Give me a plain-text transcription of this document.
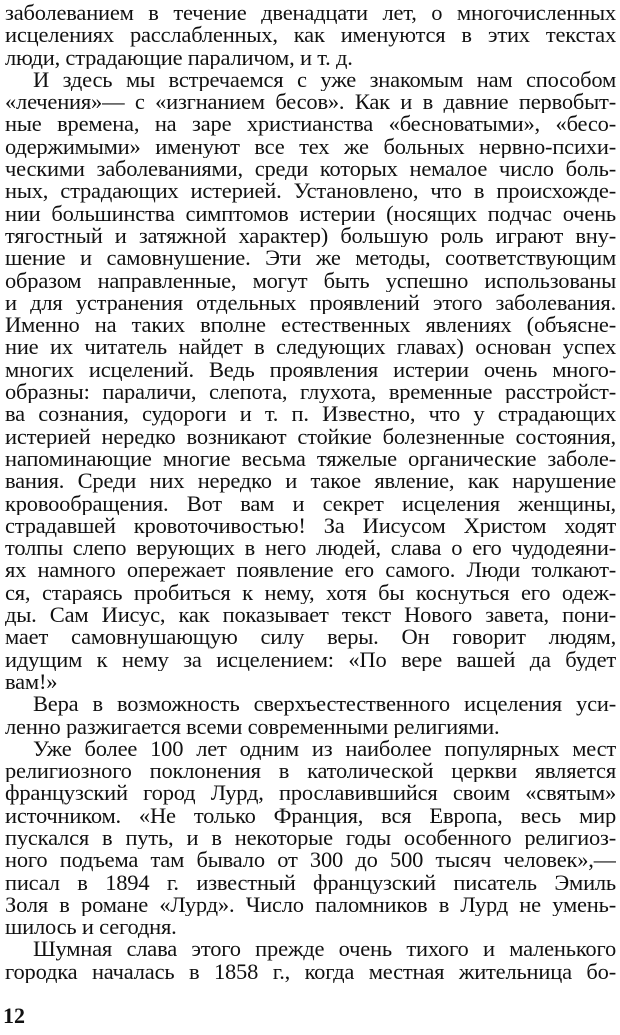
заболеванием в течение двенадцати лет, о многочисленных
исцелениях расслабленных, как именуются в этих текстах
люди, страдающие параличом, и т. д.
И здесь мы встречаемся с уже знакомым нам способом
«лечения»— с «изгнанием бесов». Как и в давние первобыт-
ные времена, на заре христианства «бесноватыми», «бесо-
одержимыми» именуют все тех же больных нервно-психи-
ческими заболеваниями, среди которых немалое число боль-
ных, страдающих истерией. Установлено, что в происхожде-
нии большинства симптомов истерии (носящих подчас очень
тягостный и затяжной характер) большую роль играют вну-
шение и самовнушение. Эти же методы, соответствующим
образом направленные, могут быть успешно использованы
и для устранения отдельных проявлений этого заболевания.
Именно на таких вполне естественных явлениях (объясне-
ние их читатель найдет в следующих главах) основан успех
многих исцелений. Ведь проявления истерии очень много-
образны: параличи, слепота, глухота, временные расстройст-
ва сознания, судороги и т. п. Известно, что у страдающих
истерией нередко возникают стойкие болезненные состояния,
напоминающие многие весьма тяжелые органические заболе-
вания. Среди них нередко и такое явление, как нарушение
кровообращения. Вот вам и секрет исцеления женщины,
страдавшей кровоточивостью! За Иисусом Христом ходят
толпы слепо верующих в него людей, слава о его чудодеяни-
ях намного опережает появление его самого. Люди толкают-
ся, стараясь пробиться к нему, хотя бы коснуться его одеж-
ды. Сам Иисус, как показывает текст Нового завета, пони-
мает самовнушающую силу веры. Он говорит людям,
идущим к нему за исцелением: «По вере вашей да будет
вам!»
Вера в возможность сверхъестественного исцеления уси-
ленно разжигается всеми современными религиями.
Уже более 100 лет одним из наиболее популярных мест
религиозного поклонения в католической церкви является
французский город Лурд, прославившийся своим «святым»
источником. «Не только Франция, вся Европа, весь мир
пускался в путь, и в некоторые годы особенного религиоз-
ного подъема там бывало от 300 до 500 тысяч человек»,—
писал в 1894 г. известный французский писатель Эмиль
Золя в романе «Лурд». Число паломников в Лурд не умень-
шилось и сегодня.
Шумная слава этого прежде очень тихого и маленького
городка началась в 1858 г., когда местная жительница бо-
12
